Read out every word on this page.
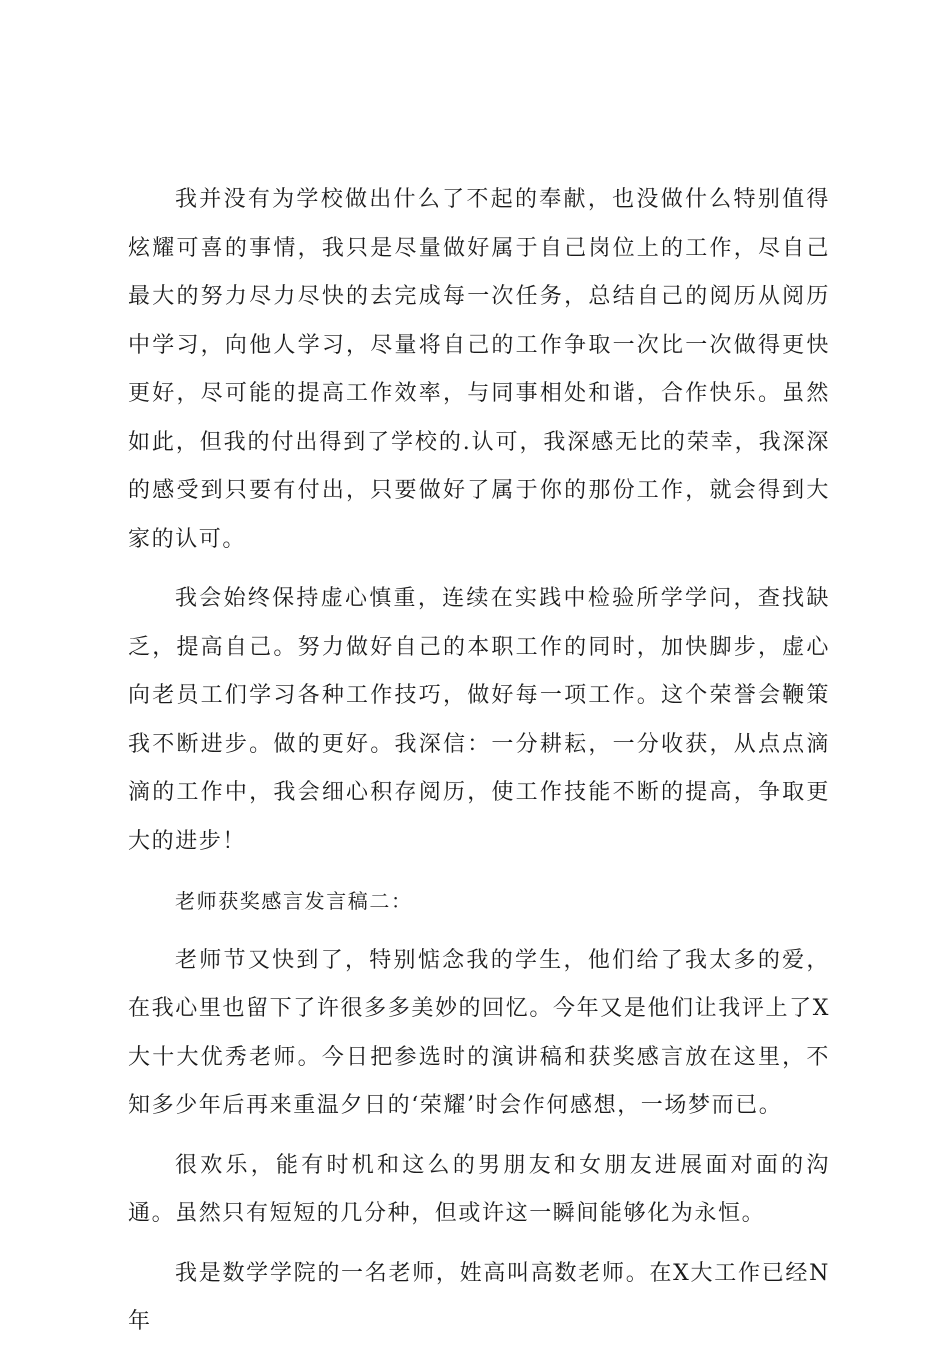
我并没有为学校做出什么了不起的奉献，也没做什么特别值得炫耀可喜的事情，我只是尽量做好属于自己岗位上的工作，尽自己最大的努力尽力尽快的去完成每一次任务，总结自己的阅历从阅历中学习，向他人学习，尽量将自己的工作争取一次比一次做得更快更好，尽可能的提高工作效率，与同事相处和谐，合作快乐。虽然如此，但我的付出得到了学校的.认可，我深感无比的荣幸，我深深的感受到只要有付出，只要做好了属于你的那份工作，就会得到大家的认可。

我会始终保持虚心慎重，连续在实践中检验所学学问，查找缺乏，提高自己。努力做好自己的本职工作的同时，加快脚步，虚心向老员工们学习各种工作技巧，做好每一项工作。这个荣誉会鞭策我不断进步。做的更好。我深信：一分耕耘，一分收获，从点点滴滴的工作中，我会细心积存阅历，使工作技能不断的提高，争取更大的进步！

老师获奖感言发言稿二：

老师节又快到了，特别惦念我的学生，他们给了我太多的爱，在我心里也留下了许很多多美妙的回忆。今年又是他们让我评上了X大十大优秀老师。今日把参选时的演讲稿和获奖感言放在这里，不知多少年后再来重温夕日的‘荣耀’时会作何感想，一场梦而已。

很欢乐，能有时机和这么的男朋友和女朋友进展面对面的沟通。虽然只有短短的几分种，但或许这一瞬间能够化为永恒。

我是数学学院的一名老师，姓高叫高数老师。在X大工作已经N年
